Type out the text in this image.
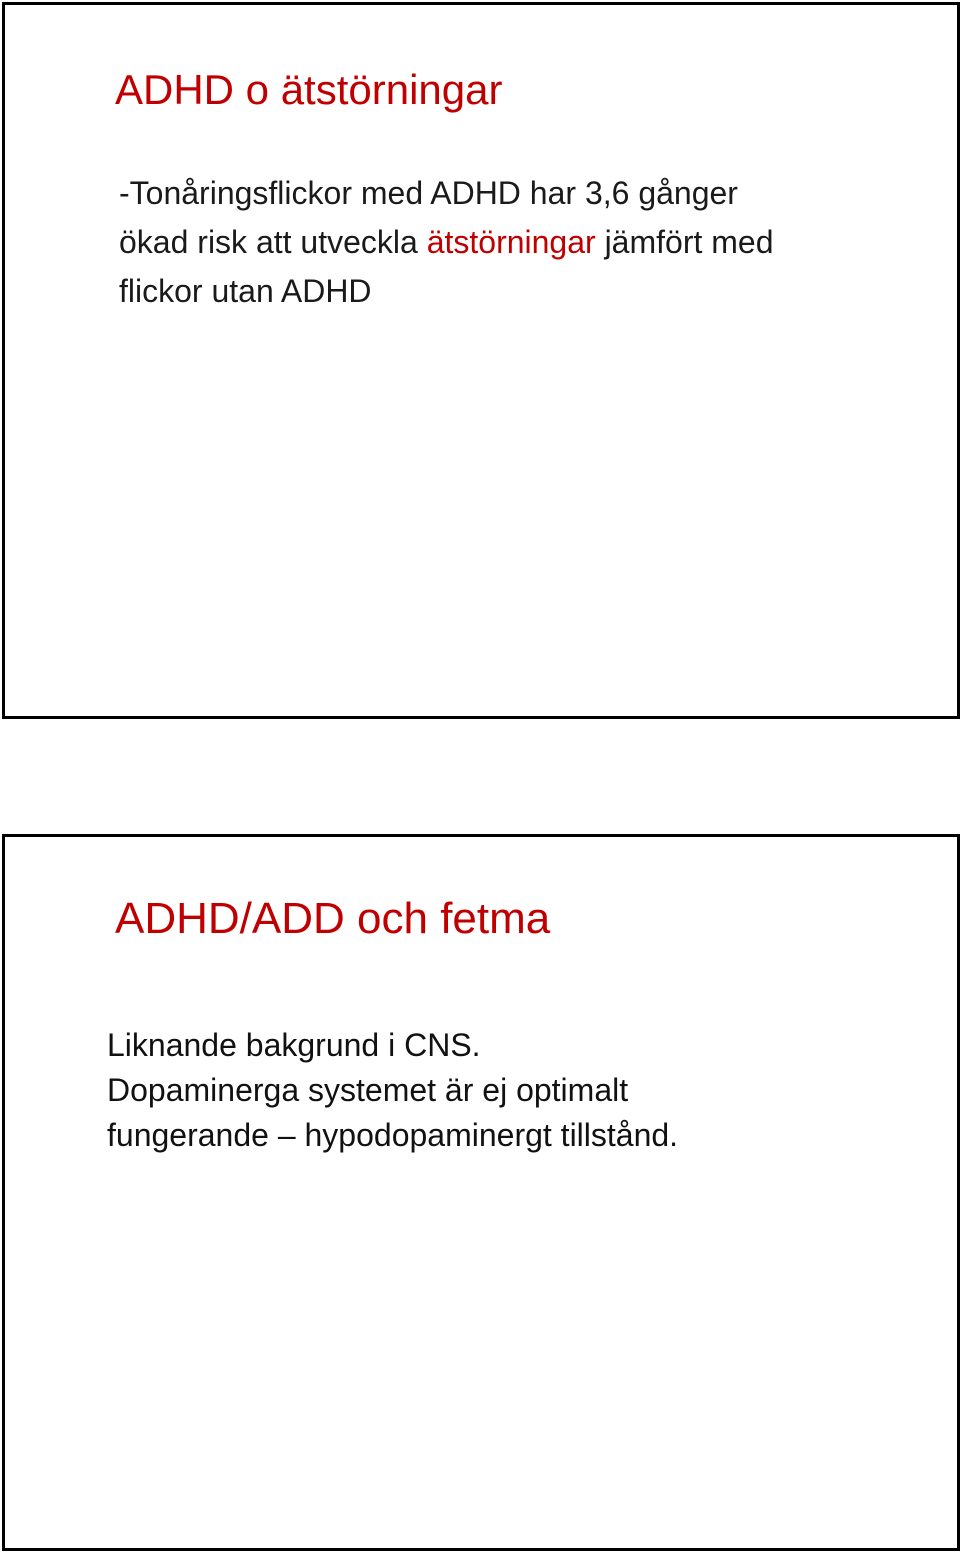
ADHD o ätstörningar

-Tonåringsflickor med ADHD har 3,6 gånger
ökad risk att utveckla ätstörningar jämfört med
flickor utan ADHD

ADHD/ADD och fetma

Liknande bakgrund i CNS.
Dopaminerga systemet är ej optimalt
fungerande – hypodopaminergt tillstånd.
